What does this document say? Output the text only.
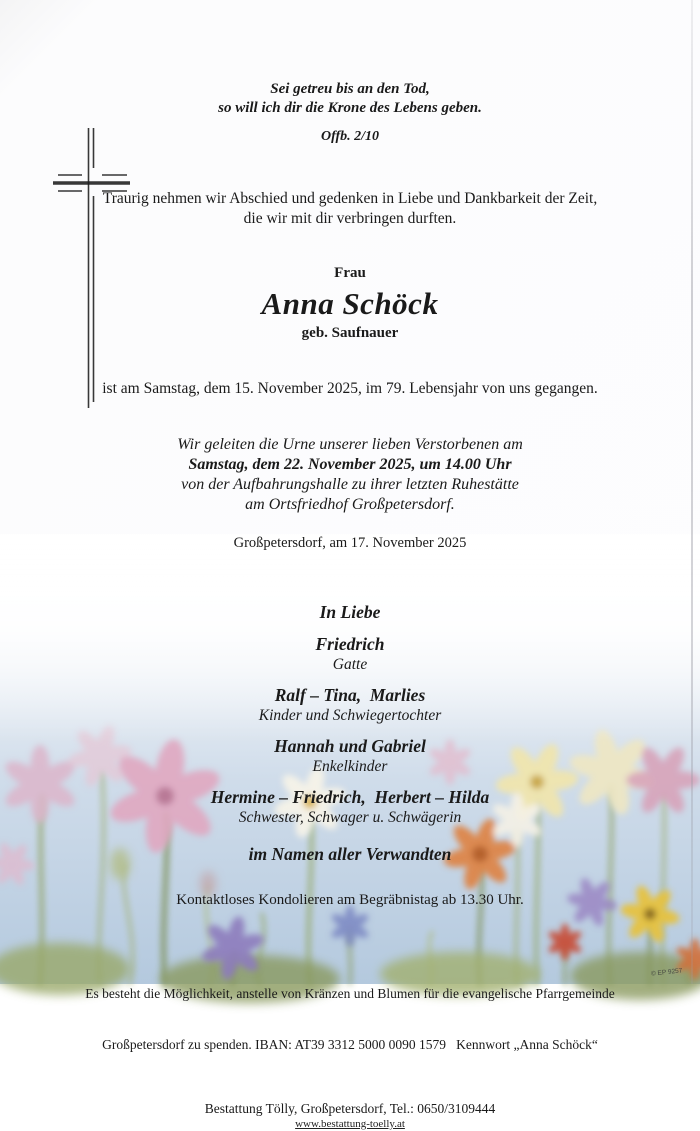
Sei getreu bis an den Tod,
so will ich dir die Krone des Lebens geben.
Offb. 2/10
Traurig nehmen wir Abschied und gedenken in Liebe und Dankbarkeit der Zeit,
die wir mit dir verbringen durften.
Frau
Anna Schöck
geb. Saufnauer
ist am Samstag, dem 15. November 2025, im 79. Lebensjahr von uns gegangen.
Wir geleiten die Urne unserer lieben Verstorbenen am
Samstag, dem 22. November 2025, um 14.00 Uhr
von der Aufbahrungshalle zu ihrer letzten Ruhestätte
am Ortsfriedhof Großpetersdorf.
Großpetersdorf, am 17. November 2025
In Liebe
Friedrich
Gatte
Ralf – Tina,  Marlies
Kinder und Schwiegertochter
Hannah und Gabriel
Enkelkinder
Hermine – Friedrich,  Herbert – Hilda
Schwester, Schwager u. Schwägerin
im Namen aller Verwandten
Kontaktloses Kondolieren am Begräbnistag ab 13.30 Uhr.

Es besteht die Möglichkeit, anstelle von Kränzen und Blumen für die evangelische Pfarrgemeinde

Großpetersdorf zu spenden. IBAN: AT39 3312 5000 0090 1579   Kennwort „Anna Schöck“

Bestattung Tölly, Großpetersdorf, Tel.: 0650/3109444
www.bestattung-toelly.at
© EP 9257
